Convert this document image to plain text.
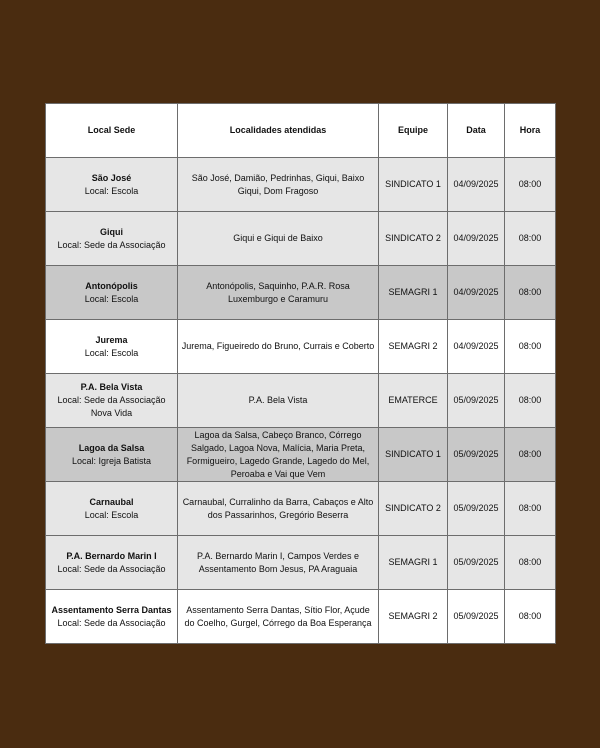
Local Sede	Localidades atendidas	Equipe	Data	Hora

São José
Local: Escola	São José, Damião, Pedrinhas, Giqui, Baixo Giqui, Dom Fragoso	SINDICATO 1	04/09/2025	08:00

Giqui
Local: Sede da Associação	Giqui e Giqui de Baixo	SINDICATO 2	04/09/2025	08:00

Antonópolis
Local: Escola	Antonópolis, Saquinho, P.A.R. Rosa Luxemburgo e Caramuru	SEMAGRI 1	04/09/2025	08:00

Jurema
Local: Escola	Jurema, Figueiredo do Bruno, Currais e Coberto	SEMAGRI 2	04/09/2025	08:00

P.A. Bela Vista
Local: Sede da Associação Nova Vida	P.A. Bela Vista	EMATERCE	05/09/2025	08:00

Lagoa da Salsa
Local: Igreja Batista	Lagoa da Salsa, Cabeço Branco, Córrego Salgado, Lagoa Nova, Malícia, Maria Preta, Formigueiro, Lagedo Grande, Lagedo do Mel, Peroaba e Vai que Vem	SINDICATO 1	05/09/2025	08:00

Carnaubal
Local: Escola	Carnaubal, Curralinho da Barra, Cabaços e Alto dos Passarinhos, Gregório Beserra	SINDICATO 2	05/09/2025	08:00

P.A. Bernardo Marin I
Local: Sede da Associação	P.A. Bernardo Marin I, Campos Verdes e Assentamento Bom Jesus, PA Araguaia	SEMAGRI 1	05/09/2025	08:00

Assentamento Serra Dantas
Local: Sede da Associação	Assentamento Serra Dantas, Sítio Flor, Açude do Coelho, Gurgel, Córrego da Boa Esperança	SEMAGRI 2	05/09/2025	08:00
